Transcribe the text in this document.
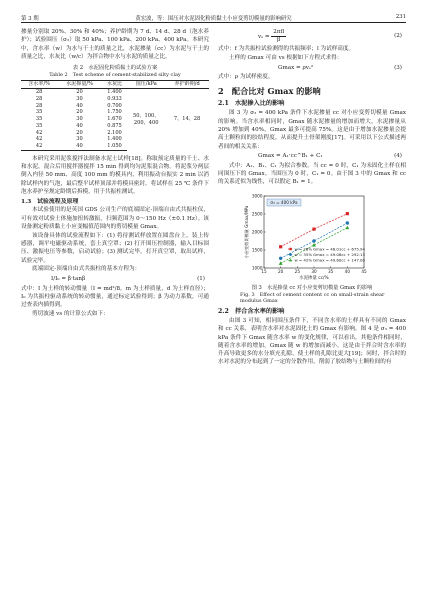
第 3 期	黄宏波，等：围压对水泥固化粉质黏土小应变剪切模量的影响研究	231

掺量分别取 20%、30% 和 40%；养护龄期为 7 d、14 d、28 d（泡水养护）；试验围压（σ₃）取 50 kPa、100 kPa、200 kPa、400 kPa。本研究中，含水率（w）为水与干土的质量之比，水泥掺量（cc）为水泥与干土的质量之比，水灰比（w/c）为拌合物中水与水泥的质量之比。

表 2　水泥固化粉质黏土的试验方案
Table 2　Test scheme of cement-stabilized silty clay
含水率/%	水泥掺量/%	水灰比	围压/kPa	养护龄期/d
28	20	1.400	50、100、200、400	7、14、28
28	30	0.933		
28	40	0.700		
35	20	1.750		
35	30	1.670		
35	40	0.875		
42	20	2.100		
42	30	1.400		
42	40	1.050		

本研究采用泥浆搅拌法制备水泥土试样[18]。称取预定质量的干土、水和水泥，混合后用搅拌器搅拌 15 min 得到均匀泥浆混合物。将泥浆分两层倒入内径 50 mm、高度 100 mm 的模具内，利用振动台振实 2 min 以消除试样内的气泡，最后整平试样顶部并将模具密封。将试样在 25 ℃ 条件下泡水养护至规定龄期后拆模，用于共振柱测试。

1.3　试验流程及原理

本试验使用的是英国 GDS 公司生产的底端固定-顶端自由式共振柱仪，可有效对试验土体施加扭转激振，扫频范围为 0～150 Hz（±0.1 Hz）。该设备测定粉质黏土小应变幅值范围内的剪切模量 Gmax。

该设备具体的试验流程如下：(1) 将待测试样放置在圆盘台上，装上传感器，调平电磁驱动系统，套上真空罩；(2) 打开围压控制器，输入目标围压、激振电压等参数，启动试验；(3) 测试完毕，打开真空罩，取出试样，试验完毕。

底端固定-顶端自由式共振柱的基本方程为：

I/I₀ = β·tanβ	(1)

式中：I 为土样的转动惯量（I = md²/8，m 为土样质量，d 为土样直径）；I₀ 为共振柱驱动系统的转动惯量，通过标定试验得到；β 为动力系数，可通过查表内插得到。

剪切波速 vs 的计算公式如下：

$v_s = \frac{\text{2πfl}}{\beta}$	(2)

式中：f 为共振柱试验测得的共振频率；l 为试样高度。

土样的 Gmax 可由 vs 根据如下方程式求得：

Gmax = ρvₛ²	(3)

式中：ρ 为试样密度。

2　配合比对 Gmax 的影响
2.1　水泥掺入比的影响

图 3 为 σ₃ = 400 kPa 条件下水泥掺量 cc 对小应变剪切模量 Gmax 的影响。当含水率相同时，Gmax 随水泥掺量的增加而增大，水泥掺量从 20% 增加到 40%，Gmax 最多可提高 75%。这是由于增加水泥掺量会提高土颗粒间的胶结程度，从而提升土骨架刚度[17]。可采用以下公式描述两者间的相关关系：

Gmax = A₁·cc^B₁ + C₁	(4)

式中：A₁、B₁、C₁ 为拟合参数。当 cc = 0 时，C₁ 为未固化土样在相同围压下的 Gmax。当围压为 0 时，C₁ = 0。由于图 3 中的 Gmax 和 cc 的关系近似为线性，可以假定 B₁ = 1。

15	20	25	30	35	40	45
1000
1500
2000
2500
3000
水泥掺量 cc/%
小应变剪切模量 Gmax/MPa
σ₃ = 400 kPa
w = 28% Gmax = 46.01cc + 675.94
w = 35% Gmax = 49.08cc + 292.13
w = 42% Gmax = 49.60cc + 147.00
图 3　水泥掺量 cc 对小应变剪切模量 Gmax 的影响
Fig. 3　Effect of cement content cc on small-strain shear modulus Gmax
2.2　拌合含水率的影响

由图 3 可知，相同围压条件下，不同含水率的土样具有不同的 Gmax 和 cc 关系，表明含水率对水泥固化土的 Gmax 有影响。图 4 是 σ₃ = 400 kPa 条件下 Gmax 随含水率 w 的变化规律，可以看出，其他条件相同时，随着含水率的增加，Gmax 随 w 的增加而减小，这是由于拌合时含水率的升高导致更多的水分填充孔隙，使土样的孔隙比更大[19]；同时，拌合时的水对水泥的分布起到了一定的分散作用，削弱了胶结物与土颗粒间的有
